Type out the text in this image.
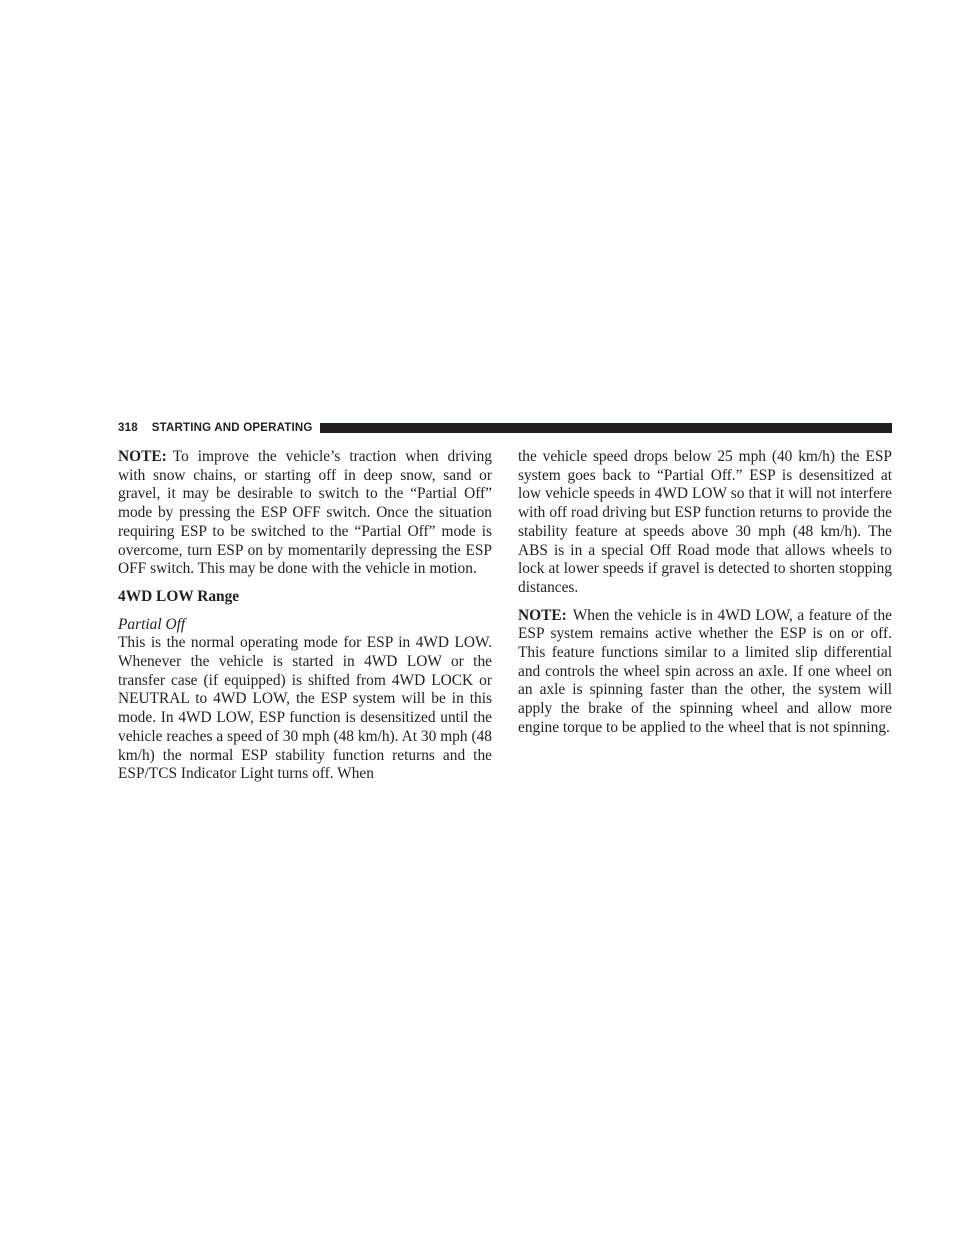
318 STARTING AND OPERATING

NOTE: To improve the vehicle’s traction when driving with snow chains, or starting off in deep snow, sand or gravel, it may be desirable to switch to the “Partial Off” mode by pressing the ESP OFF switch. Once the situation requiring ESP to be switched to the “Partial Off” mode is overcome, turn ESP on by momentarily depressing the ESP OFF switch. This may be done with the vehicle in motion.

4WD LOW Range
Partial Off

This is the normal operating mode for ESP in 4WD LOW. Whenever the vehicle is started in 4WD LOW or the transfer case (if equipped) is shifted from 4WD LOCK or NEUTRAL to 4WD LOW, the ESP system will be in this mode. In 4WD LOW, ESP function is desensitized until the vehicle reaches a speed of 30 mph (48 km/h). At 30 mph (48 km/h) the normal ESP stability function returns and the ESP/TCS Indicator Light turns off. When

the vehicle speed drops below 25 mph (40 km/h) the ESP system goes back to “Partial Off.” ESP is desensitized at low vehicle speeds in 4WD LOW so that it will not interfere with off road driving but ESP function returns to provide the stability feature at speeds above 30 mph (48 km/h). The ABS is in a special Off Road mode that allows wheels to lock at lower speeds if gravel is detected to shorten stopping distances.

NOTE: When the vehicle is in 4WD LOW, a feature of the ESP system remains active whether the ESP is on or off. This feature functions similar to a limited slip differential and controls the wheel spin across an axle. If one wheel on an axle is spinning faster than the other, the system will apply the brake of the spinning wheel and allow more engine torque to be applied to the wheel that is not spinning.
